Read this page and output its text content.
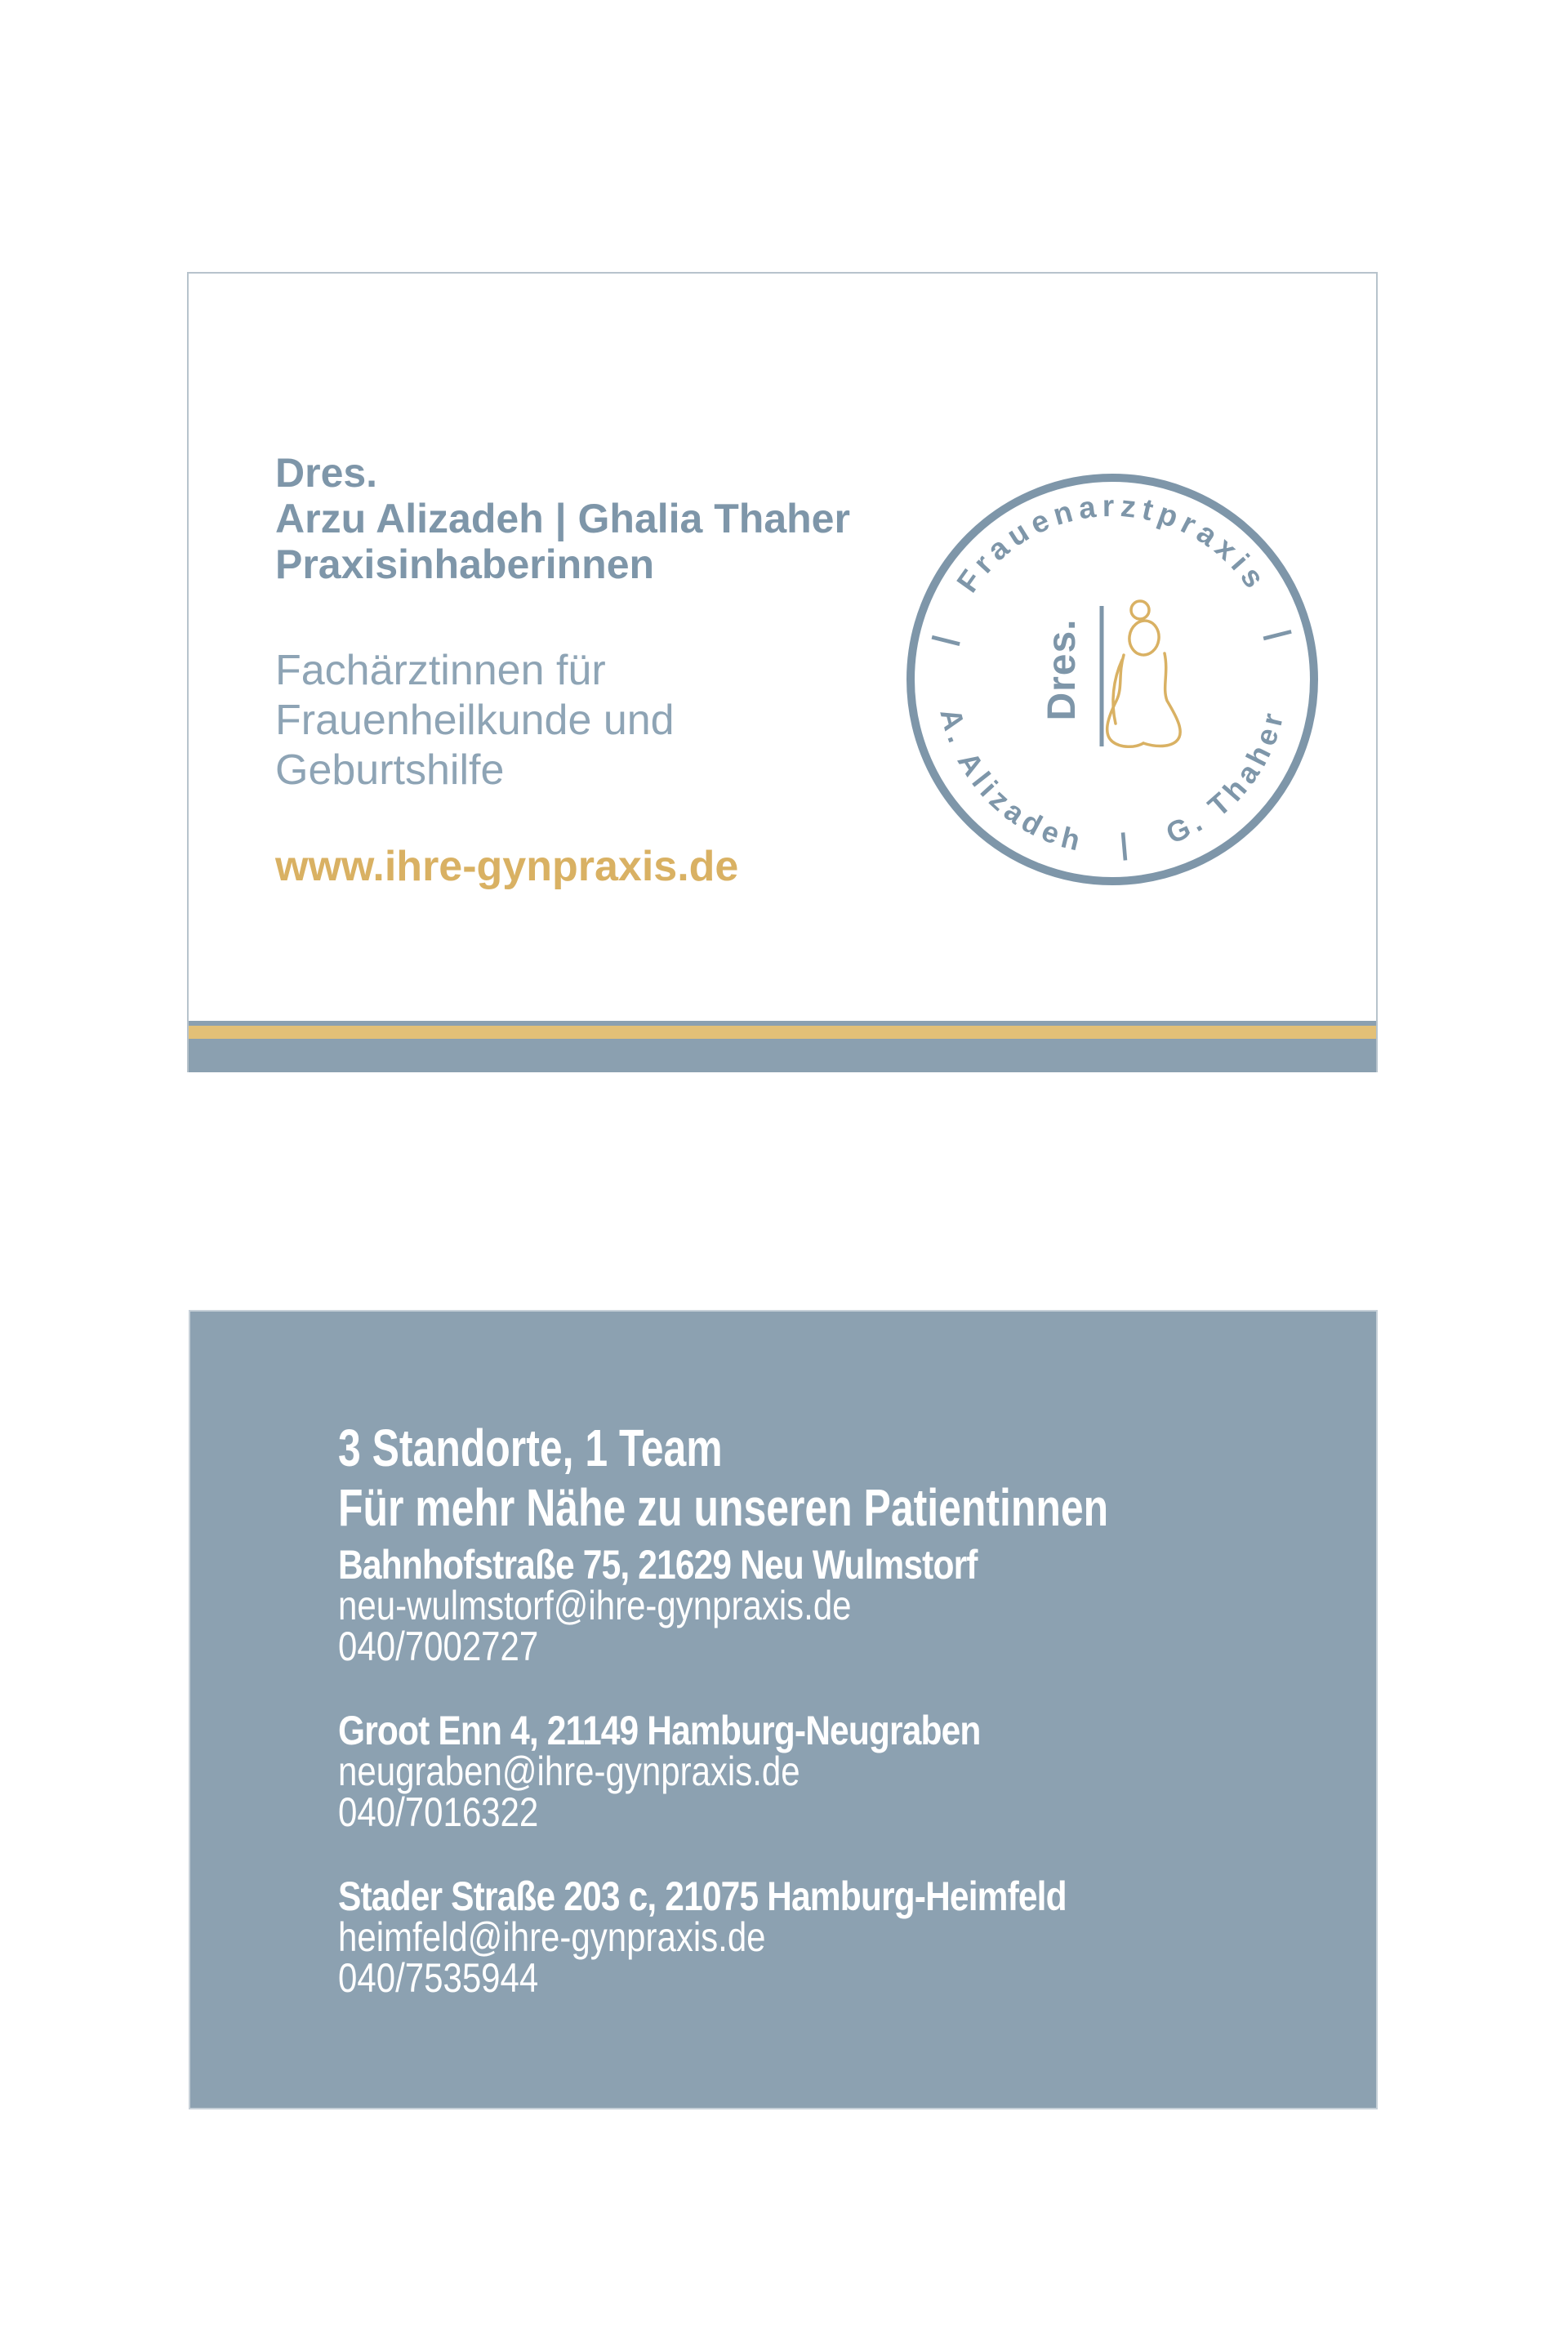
Dres.
Arzu Alizadeh | Ghalia Thaher
Praxisinhaberinnen
Fachärztinnen für
Frauenheilkunde und
Geburtshilfe
www.ihre-gynpraxis.de
|  Frauenarztpraxis  |
A. Alizadeh  |  G. Thaher
Dres.
3 Standorte, 1 Team
Für mehr Nähe zu unseren Patientinnen
Bahnhofstraße 75, 21629 Neu Wulmstorf
neu-wulmstorf@ihre-gynpraxis.de
040/7002727
Groot Enn 4, 21149 Hamburg-Neugraben
neugraben@ihre-gynpraxis.de
040/7016322
Stader Straße 203 c, 21075 Hamburg-Heimfeld
heimfeld@ihre-gynpraxis.de
040/7535944
